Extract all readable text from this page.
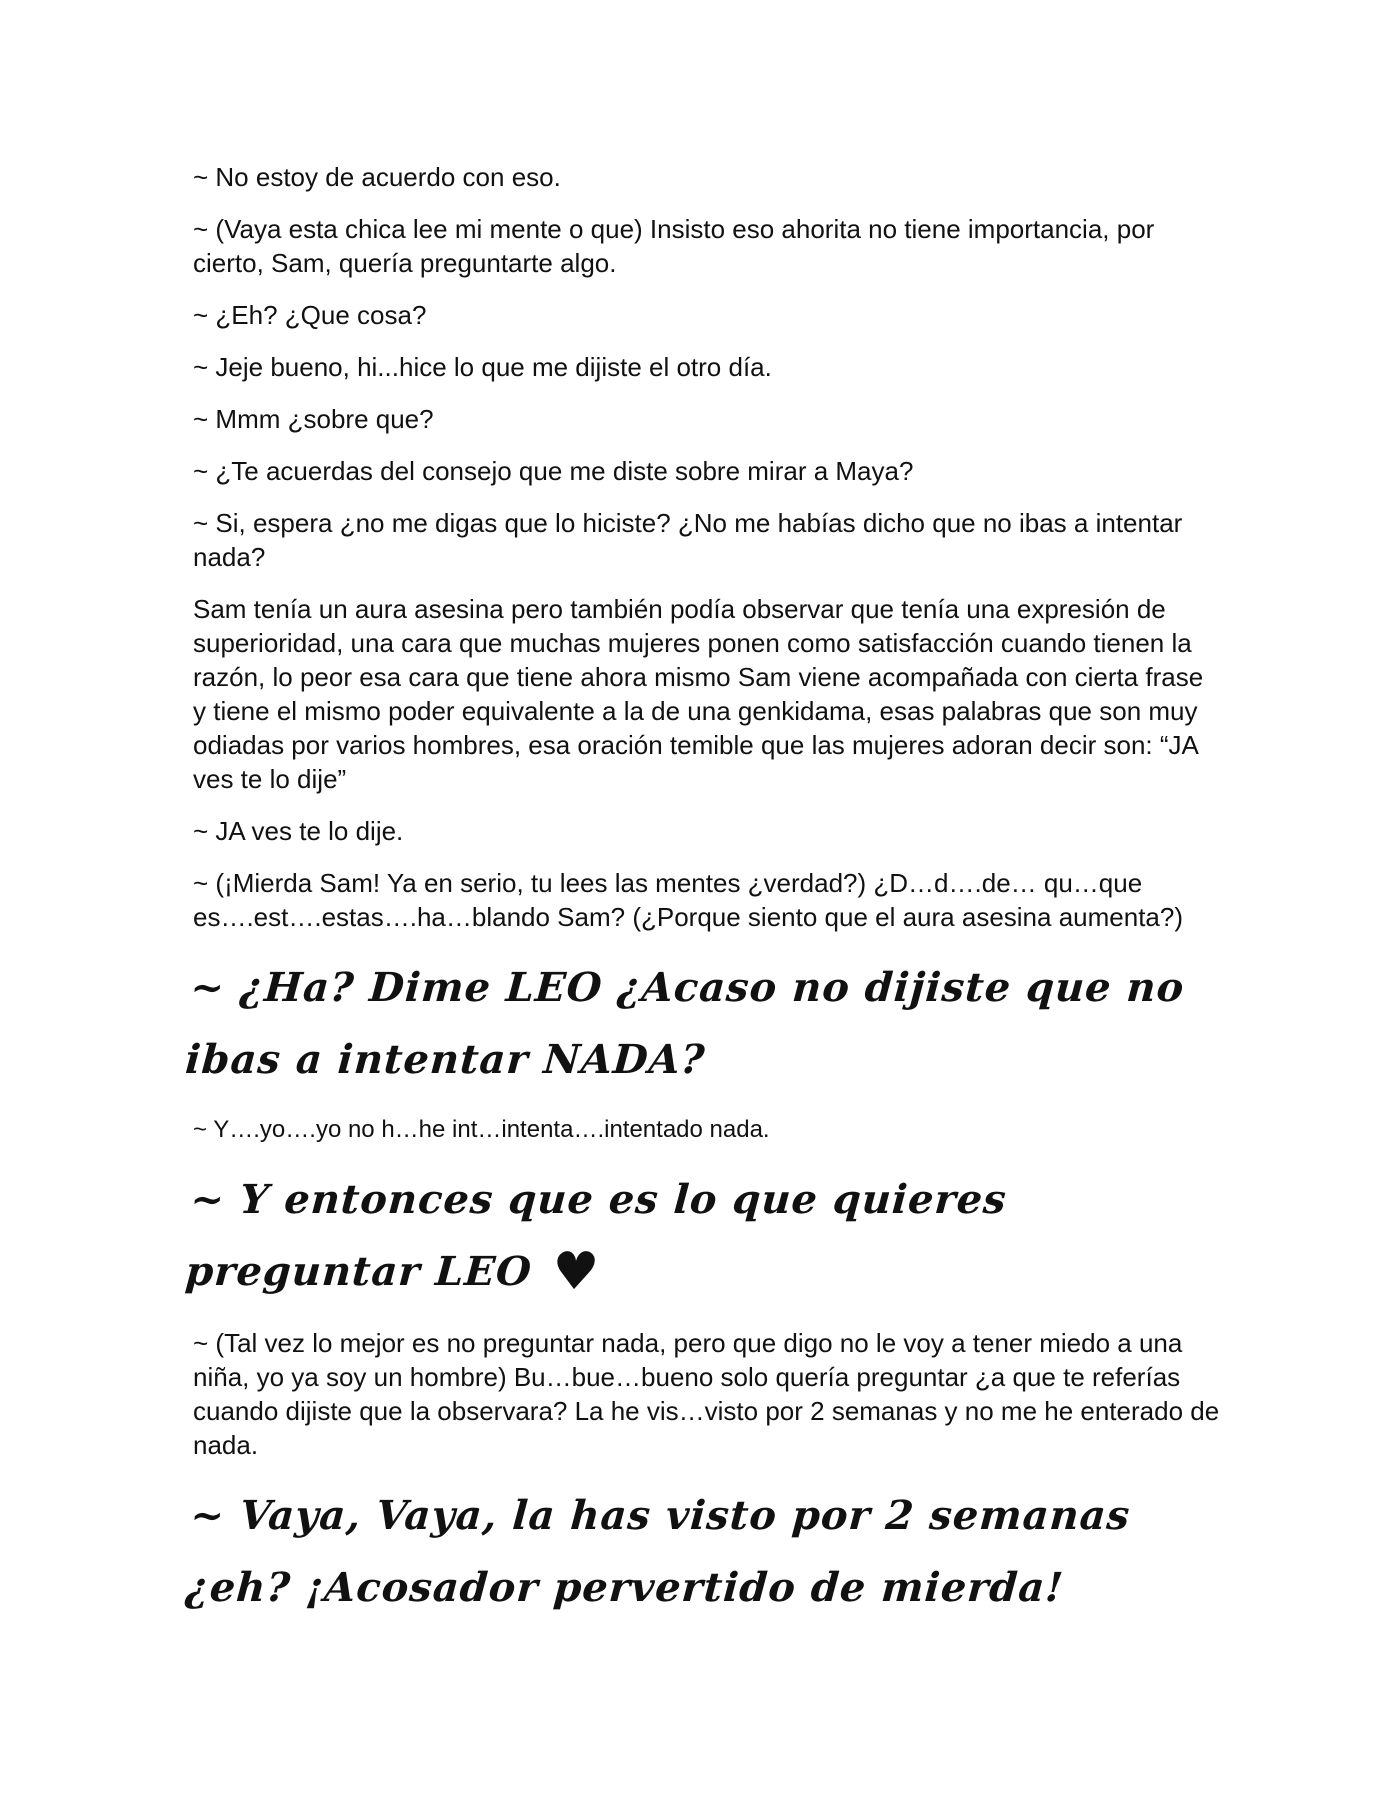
~ No estoy de acuerdo con eso.

~ (Vaya esta chica lee mi mente o que) Insisto eso ahorita no tiene importancia, por cierto, Sam, quería preguntarte algo.

~ ¿Eh? ¿Que cosa?

~ Jeje bueno, hi...hice lo que me dijiste el otro día.

~ Mmm ¿sobre que?

~ ¿Te acuerdas del consejo que me diste sobre mirar a Maya?

~ Si, espera ¿no me digas que lo hiciste? ¿No me habías dicho que no ibas a intentar nada?

Sam tenía un aura asesina pero también podía observar que tenía una expresión de superioridad, una cara que muchas mujeres ponen como satisfacción cuando tienen la razón, lo peor esa cara que tiene ahora mismo Sam viene acompañada con cierta frase y tiene el mismo poder equivalente a la de una genkidama, esas palabras que son muy odiadas por varios hombres, esa oración temible que las mujeres adoran decir son: “JA ves te lo dije”

~ JA ves te lo dije.

~ (¡Mierda Sam! Ya en serio, tu lees las mentes ¿verdad?) ¿D…d….de… qu…que es….est….estas….ha…blando Sam? (¿Porque siento que el aura asesina aumenta?)

~ ¿Ha? Dime LEO ¿Acaso no dijiste que no ibas a intentar NADA?

~ Y….yo….yo no h…he int…intenta….intentado nada.

~ Y entonces que es lo que quieres preguntar LEO ♥

~ (Tal vez lo mejor es no preguntar nada, pero que digo no le voy a tener miedo a una niña, yo ya soy un hombre) Bu…bue…bueno solo quería preguntar ¿a que te referías cuando dijiste que la observara? La he vis…visto por 2 semanas y no me he enterado de nada.

~ Vaya, Vaya, la has visto por 2 semanas ¿eh? ¡Acosador pervertido de mierda!
